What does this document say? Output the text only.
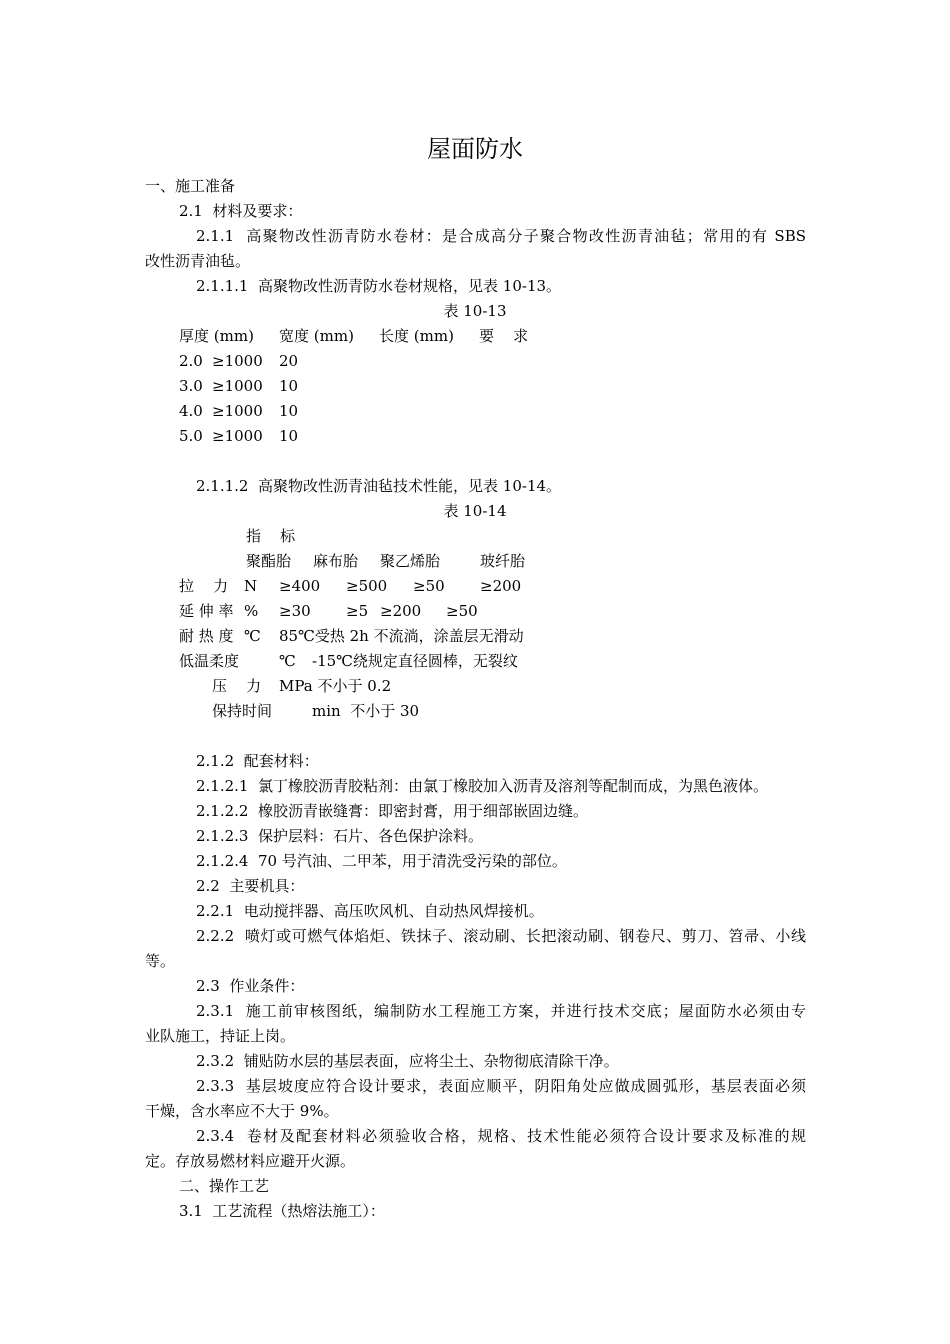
屋面防水
一、施工准备
2.1  材料及要求：
2.1.1  高聚物改性沥青防水卷材：是合成高分子聚合物改性沥青油毡；常用的有 SBS
改性沥青油毡。
2.1.1.1  高聚物改性沥青防水卷材规格，见表 10-13。
表 10-13
厚度 (mm) 宽度 (mm) 长度 (mm) 要    求
2.0 ≥1000 20
3.0 ≥1000 10
4.0 ≥1000 10
5.0 ≥1000 10
2.1.1.2  高聚物改性沥青油毡技术性能，见表 10-14。
表 10-14
指    标
聚酯胎 麻布胎 聚乙烯胎	玻纤胎
拉    力 N ≥400 ≥500 ≥50 ≥200
延 伸 率 % ≥30 ≥5 ≥200 ≥50
耐 热 度 ℃ 85℃受热 2h 不流淌，涂盖层无滑动
低温柔度	℃ -15℃绕规定直径圆棒，无裂纹
压    力 MPa 不小于 0.2
保持时间	min  不小于 30
2.1.2  配套材料：
2.1.2.1  氯丁橡胶沥青胶粘剂：由氯丁橡胶加入沥青及溶剂等配制而成，为黑色液体。
2.1.2.2  橡胶沥青嵌缝膏：即密封膏，用于细部嵌固边缝。
2.1.2.3  保护层料：石片、各色保护涂料。
2.1.2.4  70 号汽油、二甲苯，用于清洗受污染的部位。
2.2  主要机具：
2.2.1  电动搅拌器、高压吹风机、自动热风焊接机。
2.2.2  喷灯或可燃气体焰炬、铁抹子、滚动刷、长把滚动刷、钢卷尺、剪刀、笤帚、小线
等。
2.3  作业条件：
2.3.1  施工前审核图纸，编制防水工程施工方案，并进行技术交底；屋面防水必须由专
业队施工，持证上岗。
2.3.2  铺贴防水层的基层表面，应将尘土、杂物彻底清除干净。
2.3.3  基层坡度应符合设计要求，表面应顺平，阴阳角处应做成圆弧形，基层表面必须
干燥，含水率应不大于 9%。
2.3.4  卷材及配套材料必须验收合格，规格、技术性能必须符合设计要求及标准的规
定。存放易燃材料应避开火源。
二、操作工艺
3.1  工艺流程（热熔法施工）：
